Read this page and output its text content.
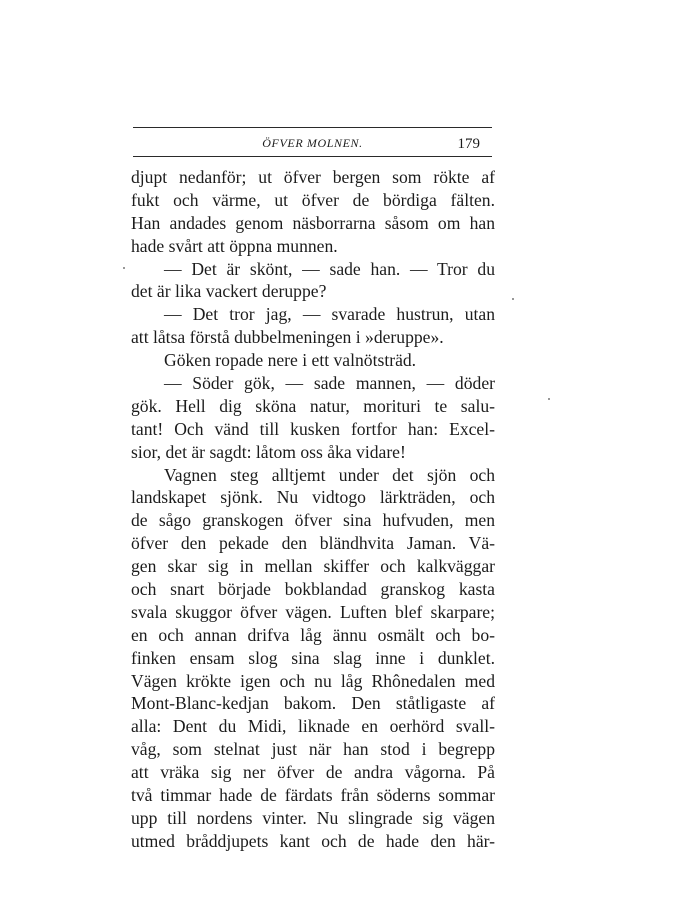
ÖFVER MOLNEN.	179
djupt nedanför; ut öfver bergen som rökte af
fukt och värme, ut öfver de bördiga fälten.
Han andades genom näsborrarna såsom om han
hade svårt att öppna munnen.
— Det är skönt, — sade han. — Tror du
det är lika vackert deruppe?
— Det tror jag, — svarade hustrun, utan
att låtsa förstå dubbelmeningen i »deruppe».
Göken ropade nere i ett valnötsträd.
— Söder gök, — sade mannen, — döder
gök. Hell dig sköna natur, morituri te salu-
tant! Och vänd till kusken fortfor han: Excel-
sior, det är sagdt: låtom oss åka vidare!
Vagnen steg alltjemt under det sjön och
landskapet sjönk. Nu vidtogo lärkträden, och
de sågo granskogen öfver sina hufvuden, men
öfver den pekade den bländhvita Jaman. Vä-
gen skar sig in mellan skiffer och kalkväggar
och snart började bokblandad granskog kasta
svala skuggor öfver vägen. Luften blef skarpare;
en och annan drifva låg ännu osmält och bo-
finken ensam slog sina slag inne i dunklet.
Vägen krökte igen och nu låg Rhônedalen med
Mont-Blanc-kedjan bakom. Den ståtligaste af
alla: Dent du Midi, liknade en oerhörd svall-
våg, som stelnat just när han stod i begrepp
att vräka sig ner öfver de andra vågorna. På
två timmar hade de färdats från söderns sommar
upp till nordens vinter. Nu slingrade sig vägen
utmed bråddjupets kant och de hade den här-
